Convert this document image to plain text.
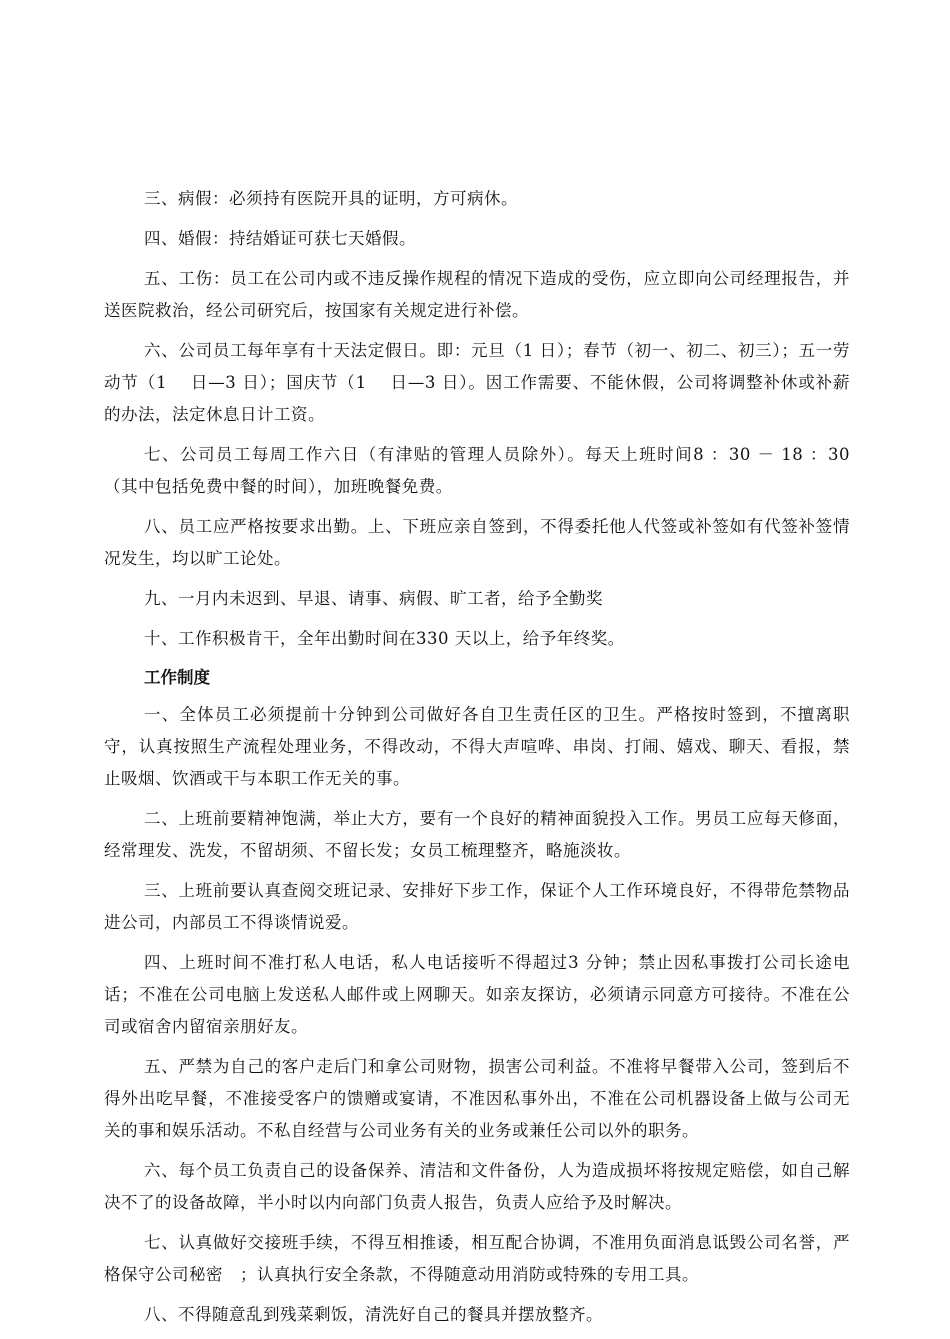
三、病假：必须持有医院开具的证明，方可病休。

四、婚假：持结婚证可获七天婚假。

五、工伤：员工在公司内或不违反操作规程的情况下造成的受伤，应立即向公司经理报告，并送医院救治，经公司研究后，按国家有关规定进行补偿。

六、公司员工每年享有十天法定假日。即：元旦（1 日）；春节（初一、初二、初三）；五一劳动节（1　 日—3 日）；国庆节（1　 日—3 日）。因工作需要、不能休假，公司将调整补休或补薪的办法，法定休息日计工资。

七、公司员工每周工作六日（有津贴的管理人员除外）。每天上班时间8 ：30 － 18 ：30 （其中包括免费中餐的时间），加班晚餐免费。

八、员工应严格按要求出勤。上、下班应亲自签到，不得委托他人代签或补签如有代签补签情况发生，均以旷工论处。

九、一月内未迟到、早退、请事、病假、旷工者，给予全勤奖

十、工作积极肯干，全年出勤时间在330 天以上，给予年终奖。

工作制度

一、全体员工必须提前十分钟到公司做好各自卫生责任区的卫生。严格按时签到，不擅离职守，认真按照生产流程处理业务，不得改动，不得大声喧哗、串岗、打闹、嬉戏、聊天、看报，禁止吸烟、饮酒或干与本职工作无关的事。

二、上班前要精神饱满，举止大方，要有一个良好的精神面貌投入工作。男员工应每天修面，经常理发、洗发，不留胡须、不留长发；女员工梳理整齐，略施淡妆。

三、上班前要认真查阅交班记录、安排好下步工作，保证个人工作环境良好，不得带危禁物品进公司，内部员工不得谈情说爱。

四、上班时间不准打私人电话，私人电话接听不得超过3 分钟；禁止因私事拨打公司长途电话；不准在公司电脑上发送私人邮件或上网聊天。如亲友探访，必须请示同意方可接待。不准在公司或宿舍内留宿亲朋好友。

五、严禁为自己的客户走后门和拿公司财物，损害公司利益。不准将早餐带入公司，签到后不得外出吃早餐，不准接受客户的馈赠或宴请，不准因私事外出，不准在公司机器设备上做与公司无关的事和娱乐活动。不私自经营与公司业务有关的业务或兼任公司以外的职务。

六、每个员工负责自己的设备保养、清洁和文件备份，人为造成损坏将按规定赔偿，如自己解决不了的设备故障，半小时以内向部门负责人报告，负责人应给予及时解决。

七、认真做好交接班手续，不得互相推诿，相互配合协调，不准用负面消息诋毁公司名誉，严格保守公司秘密　；认真执行安全条款，不得随意动用消防或特殊的专用工具。

八、不得随意乱到残菜剩饭，清洗好自己的餐具并摆放整齐。
